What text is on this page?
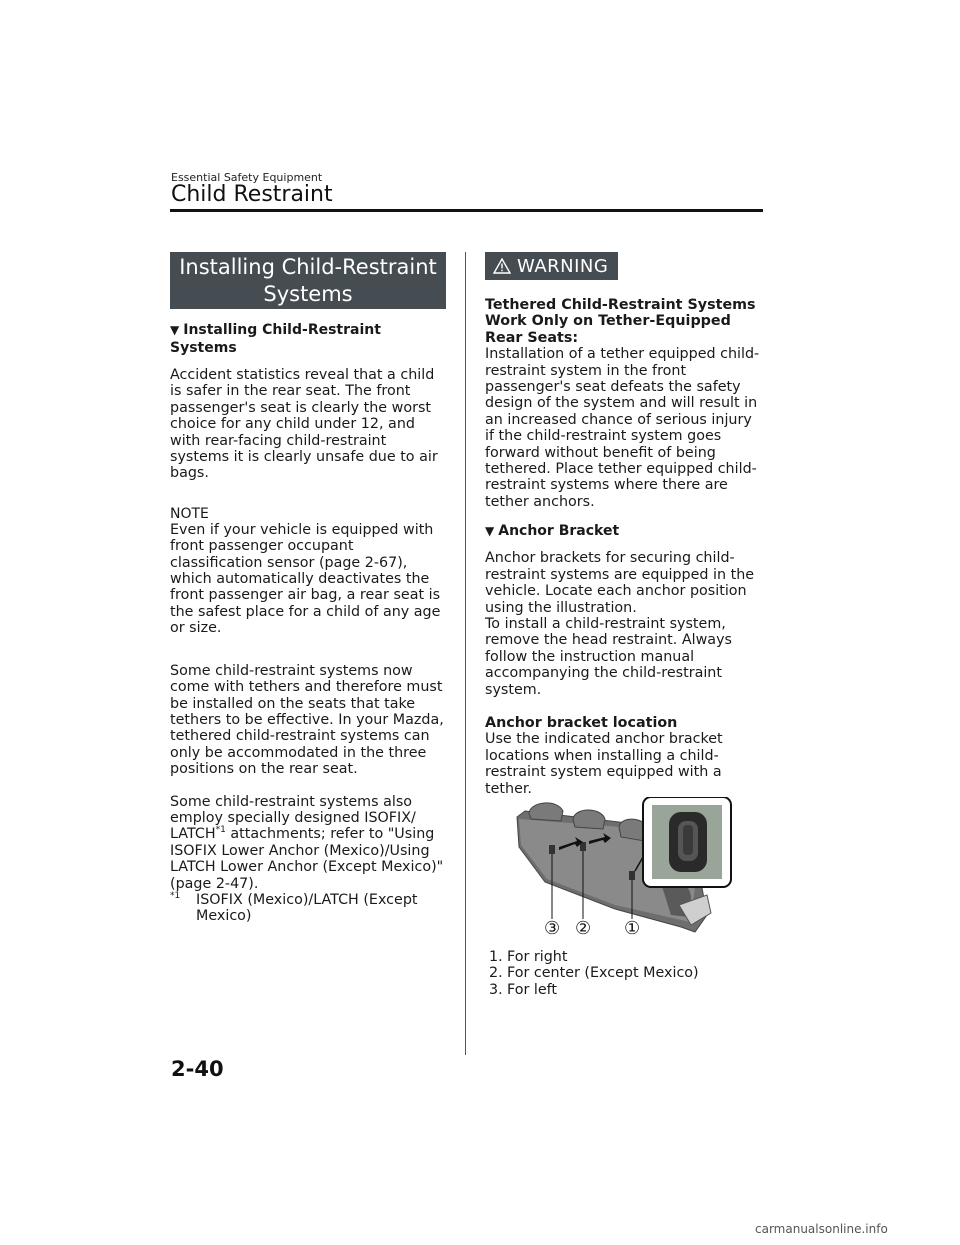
Essential Safety Equipment
Child Restraint
Installing Child-Restraint
Systems
▼ Installing Child-Restraint Systems

Accident statistics reveal that a child is safer in the rear seat. The front passenger's seat is clearly the worst choice for any child under 12, and with rear-facing child-restraint systems it is clearly unsafe due to air bags.

NOTE

Even if your vehicle is equipped with front passenger occupant classification sensor (page 2-67), which automatically deactivates the front passenger air bag, a rear seat is the safest place for a child of any age or size.

Some child-restraint systems now come with tethers and therefore must be installed on the seats that take tethers to be effective. In your Mazda, tethered child-restraint systems can only be accommodated in the three positions on the rear seat.

Some child-restraint systems also employ specially designed ISOFIX/ LATCH$^{*1}$ attachments; refer to "Using ISOFIX Lower Anchor (Mexico)/Using LATCH Lower Anchor (Except Mexico)" (page 2-47).

$^{*1}$	ISOFIX (Mexico)/LATCH (Except Mexico)
WARNING

Tethered Child-Restraint Systems Work Only on Tether-Equipped Rear Seats:

Installation of a tether equipped child-restraint system in the front passenger's seat defeats the safety design of the system and will result in an increased chance of serious injury if the child-restraint system goes forward without benefit of being tethered. Place tether equipped child-restraint systems where there are tether anchors.

▼ Anchor Bracket

Anchor brackets for securing child-restraint systems are equipped in the vehicle. Locate each anchor position using the illustration.

To install a child-restraint system, remove the head restraint. Always follow the instruction manual accompanying the child-restraint system.

Anchor bracket location

Use the indicated anchor bracket locations when installing a child-restraint system equipped with a tether.

③ ② ①
1. For right
2. For center (Except Mexico)
3. For left
2-40
carmanualsonline.info
